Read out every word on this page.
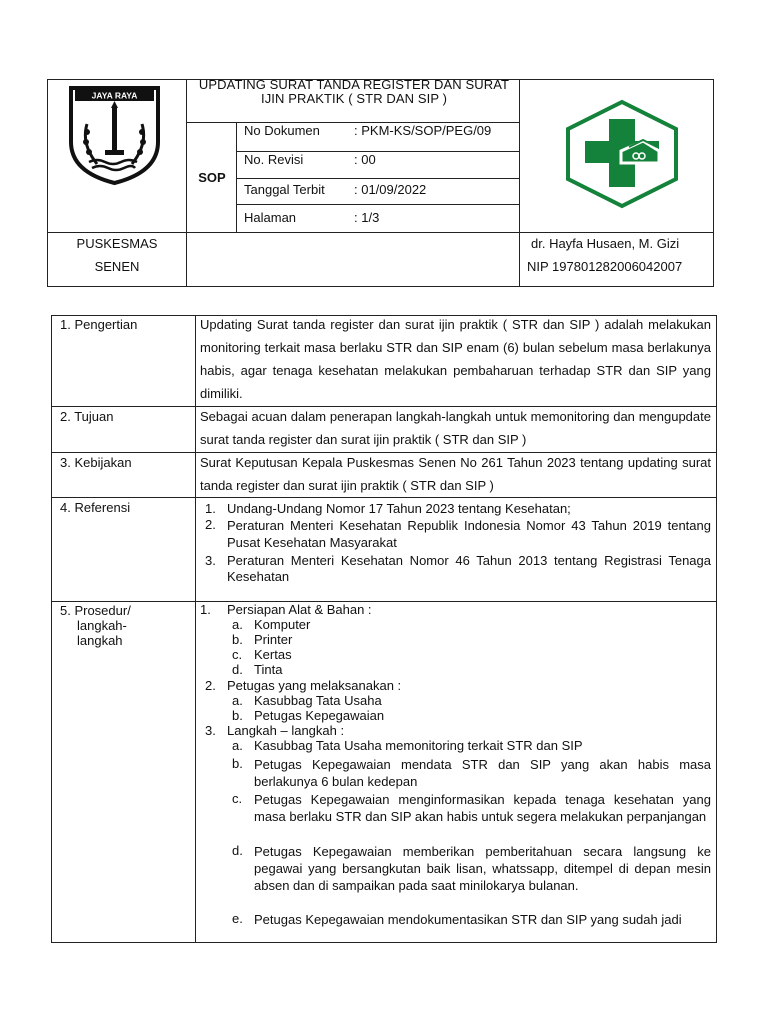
JAYA RAYA
UPDATING SURAT TANDA REGISTER DAN SURAT IJIN PRAKTIK ( STR DAN SIP )
SOP
No Dokumen	: PKM-KS/SOP/PEG/09
No. Revisi	: 00
Tanggal Terbit : 01/09/2022
Halaman	: 1/3
PUSKESMAS
SENEN
dr. Hayfa Husaen, M. Gizi
NIP 197801282006042007
1. Pengertian	Updating Surat tanda register dan surat ijin praktik ( STR dan SIP ) adalah melakukan monitoring terkait masa berlaku STR dan SIP enam (6) bulan sebelum masa berlakunya habis, agar tenaga kesehatan melakukan pembaharuan terhadap STR dan SIP yang dimiliki.
2. Tujuan	Sebagai acuan dalam penerapan langkah-langkah untuk memonitoring dan mengupdate surat tanda register dan surat ijin praktik ( STR dan SIP )
3. Kebijakan	Surat Keputusan Kepala Puskesmas Senen No 261 Tahun 2023 tentang updating surat tanda register dan surat ijin praktik ( STR dan SIP )
4. Referensi	1. Undang-Undang Nomor 17 Tahun 2023 tentang Kesehatan;
2. Peraturan Menteri Kesehatan Republik Indonesia Nomor 43 Tahun 2019 tentang Pusat Kesehatan Masyarakat
3. Peraturan Menteri Kesehatan Nomor 46 Tahun 2013 tentang Registrasi Tenaga Kesehatan
5. Prosedur/
langkah-
langkah
1. Persiapan Alat & Bahan :
a. Komputer
b. Printer
c. Kertas
d. Tinta
2. Petugas yang melaksanakan :
a. Kasubbag Tata Usaha
b. Petugas Kepegawaian
3. Langkah – langkah :
a. Kasubbag Tata Usaha memonitoring terkait STR dan SIP
b. Petugas Kepegawaian mendata STR dan SIP yang akan habis masa berlakunya 6 bulan kedepan
c. Petugas Kepegawaian menginformasikan kepada tenaga kesehatan yang masa berlaku STR dan SIP akan habis untuk segera melakukan perpanjangan
d. Petugas Kepegawaian memberikan pemberitahuan secara langsung ke pegawai yang bersangkutan baik lisan, whatssapp, ditempel di depan mesin absen dan di sampaikan pada saat minilokarya bulanan.
e. Petugas Kepegawaian mendokumentasikan STR dan SIP yang sudah jadi
